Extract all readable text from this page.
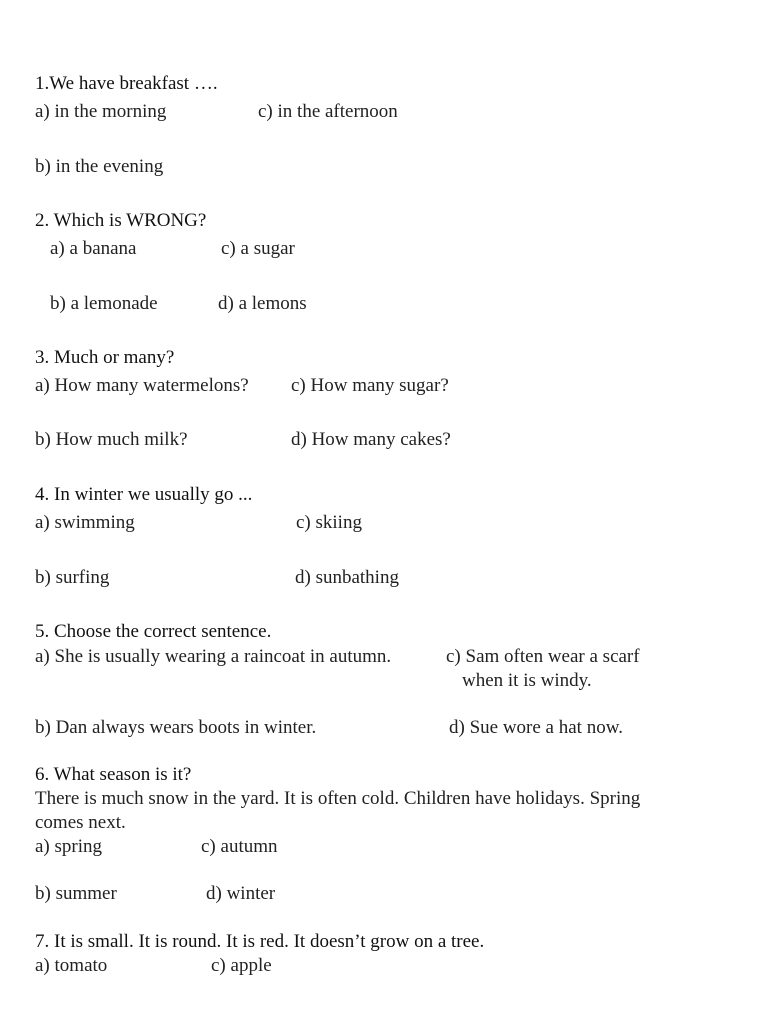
1.We have breakfast ….
a) in the morning	c) in the afternoon
b) in the evening
2. Which is WRONG?
a) a banana	c) a sugar
b) a lemonade	d) a lemons
3. Much or many?
a) How many watermelons? c) How many sugar?
b) How much milk?	d) How many cakes?
4. In winter we usually go ...
a) swimming	c) skiing
b) surfing	d) sunbathing
5. Choose the correct sentence.
a) She is usually wearing a raincoat in autumn.	c) Sam often wear a scarf
when it is windy.
b) Dan always wears boots in winter.	d) Sue wore a hat now.
6. What season is it?
There is much snow in the yard. It is often cold. Children have holidays. Spring
comes next.
a) spring	c) autumn
b) summer	d) winter
7. It is small. It is round. It is red. It doesn’t grow on a tree.
a) tomato	c) apple
